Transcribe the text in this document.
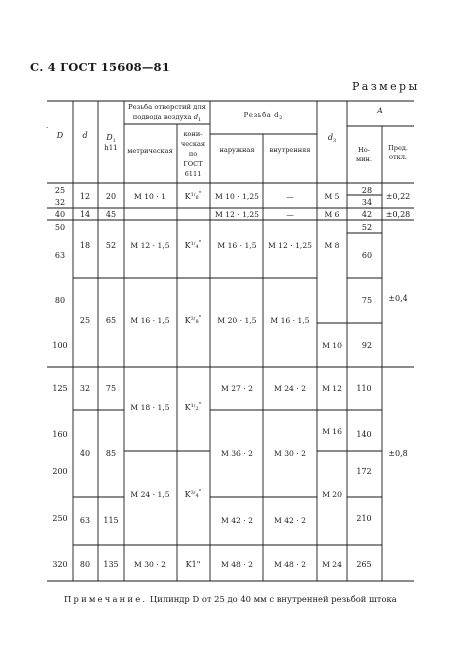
С. 4 ГОСТ 15608—81
Размеры
·
D d $D_1$
h11
Резьба отверстий для
подвода воздуха $d_1$
метрическая
кони-
ческая
по
ГОСТ
6111
Резьба $d_2$
наружная внутренняя
$d_3$
A
Но-
мин.
Пред.
откл.
25
32
40
50
63
80
100
125
160
200
250
320
12
14
18
25
32
40
63
80
20
45
52
65
75
85
115
135
М 10 · 1
М 12 · 1,5
М 16 · 1,5
М 18 · 1,5
М 24 · 1,5
М 30 · 2
$K^1/_8^"$
$K^1/_4^"$
$K^3/_8^"$
$K^1/_2^"$
$K^3/_4^"$
K1"
М 10 · 1,25
М 12 · 1,25
М 16 · 1,5
М 20 · 1,5
М 27 · 2
М 36 · 2
М 42 · 2
М 48 · 2
—
—
М 12 · 1,25
М 16 · 1,5
М 24 · 2
М 30 · 2
М 42 · 2
М 48 · 2
М 5
М 6
М 8
М 10
М 12
М 16
М 20
М 24
28
34
42
52
60
75
92
110
140
172
210
265
±0,22
±0,28
±0,4
±0,8
Примечание. Цилиндр D от 25 до 40 мм с внутренней резьбой штока
